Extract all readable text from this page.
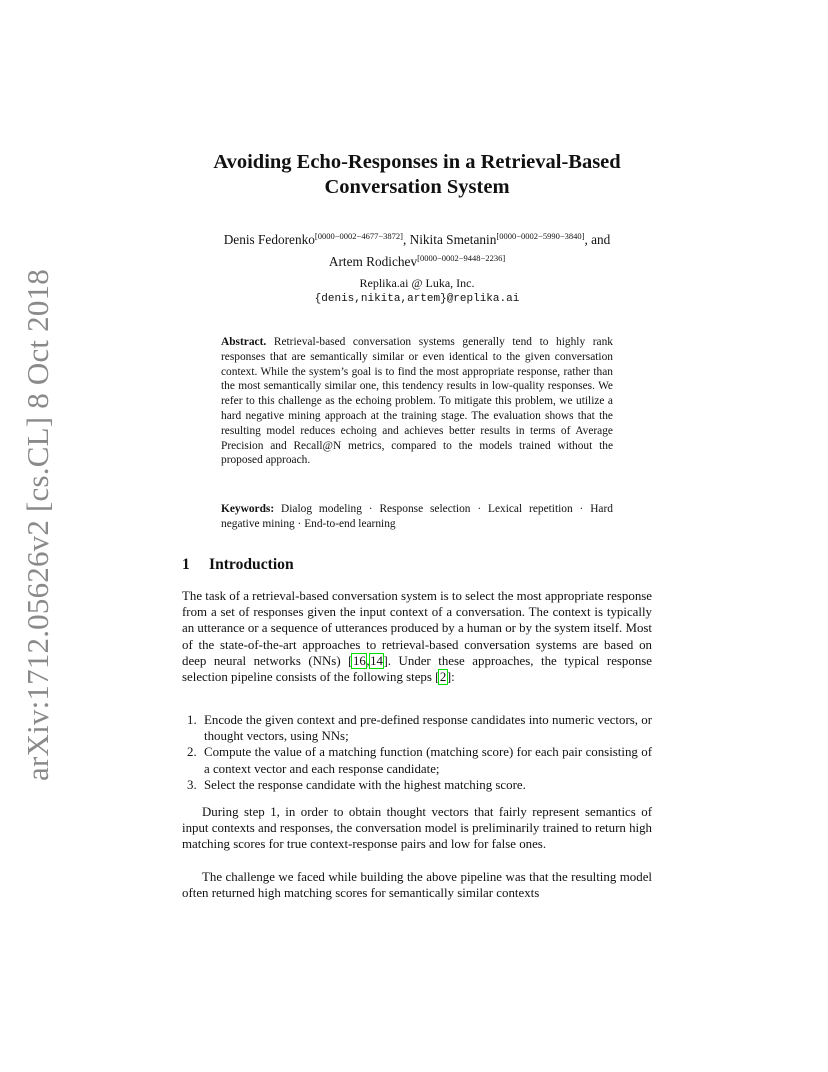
arXiv:1712.05626v2 [cs.CL] 8 Oct 2018
Avoiding Echo-Responses in a Retrieval-Based
Conversation System
Denis Fedorenko[0000−0002−4677−3872], Nikita Smetanin[0000−0002−5990−3840], and
Artem Rodichev[0000−0002−9448−2236]
Replika.ai @ Luka, Inc.
{denis,nikita,artem}@replika.ai
Abstract. Retrieval-based conversation systems generally tend to highly rank responses that are semantically similar or even identical to the given conversation context. While the system’s goal is to find the most appropriate response, rather than the most semantically similar one, this tendency results in low-quality responses. We refer to this challenge as the echoing problem. To mitigate this problem, we utilize a hard negative mining approach at the training stage. The evaluation shows that the resulting model reduces echoing and achieves better results in terms of Average Precision and Recall@N metrics, compared to the models trained without the proposed approach.
Keywords: Dialog modeling · Response selection · Lexical repetition · Hard negative mining · End-to-end learning
1 Introduction
The task of a retrieval-based conversation system is to select the most appropriate response from a set of responses given the input context of a conversation. The context is typically an utterance or a sequence of utterances produced by a human or by the system itself. Most of the state-of-the-art approaches to retrieval-based conversation systems are based on deep neural networks (NNs) [16,14]. Under these approaches, the typical response selection pipeline consists of the following steps [2]:
1. Encode the given context and pre-defined response candidates into numeric vectors, or thought vectors, using NNs;
2. Compute the value of a matching function (matching score) for each pair consisting of a context vector and each response candidate;
3. Select the response candidate with the highest matching score.
During step 1, in order to obtain thought vectors that fairly represent semantics of input contexts and responses, the conversation model is preliminarily trained to return high matching scores for true context-response pairs and low for false ones.
The challenge we faced while building the above pipeline was that the resulting model often returned high matching scores for semantically similar contexts
